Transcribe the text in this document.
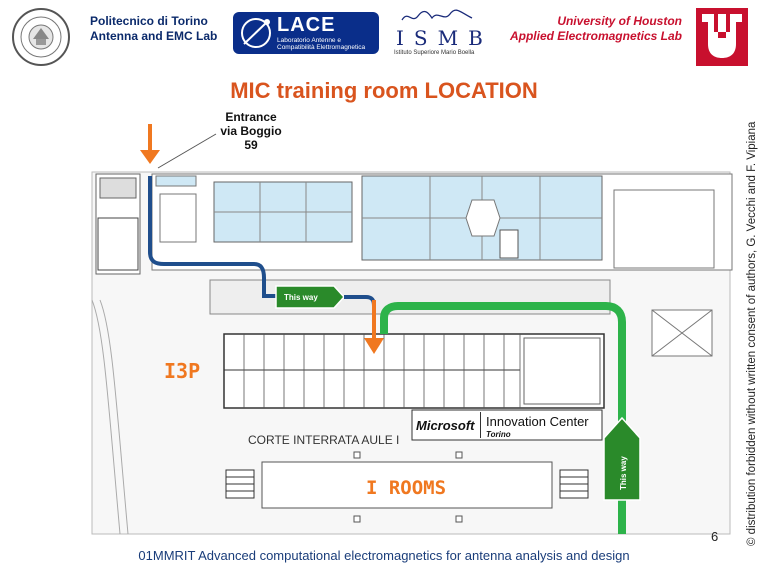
Politecnico di Torino
Antenna and EMC Lab	LACE
Laboratorio Antenne e
Compatibilità Elettromagnetica ISMB
Istituto Superiore Mario Boella
University of Houston
Applied Electromagnetics Lab
MIC training room LOCATION
Entrance
via Boggio
59
Microsoft Innovation Center
Torino
CORTE INTERRATA AULE I
I ROOMS
I3P
This way
This way
6
01MMRIT Advanced computational electromagnetics for antenna analysis and design
© distribution forbidden without written consent of authors, G. Vecchi and F. Vipiana
